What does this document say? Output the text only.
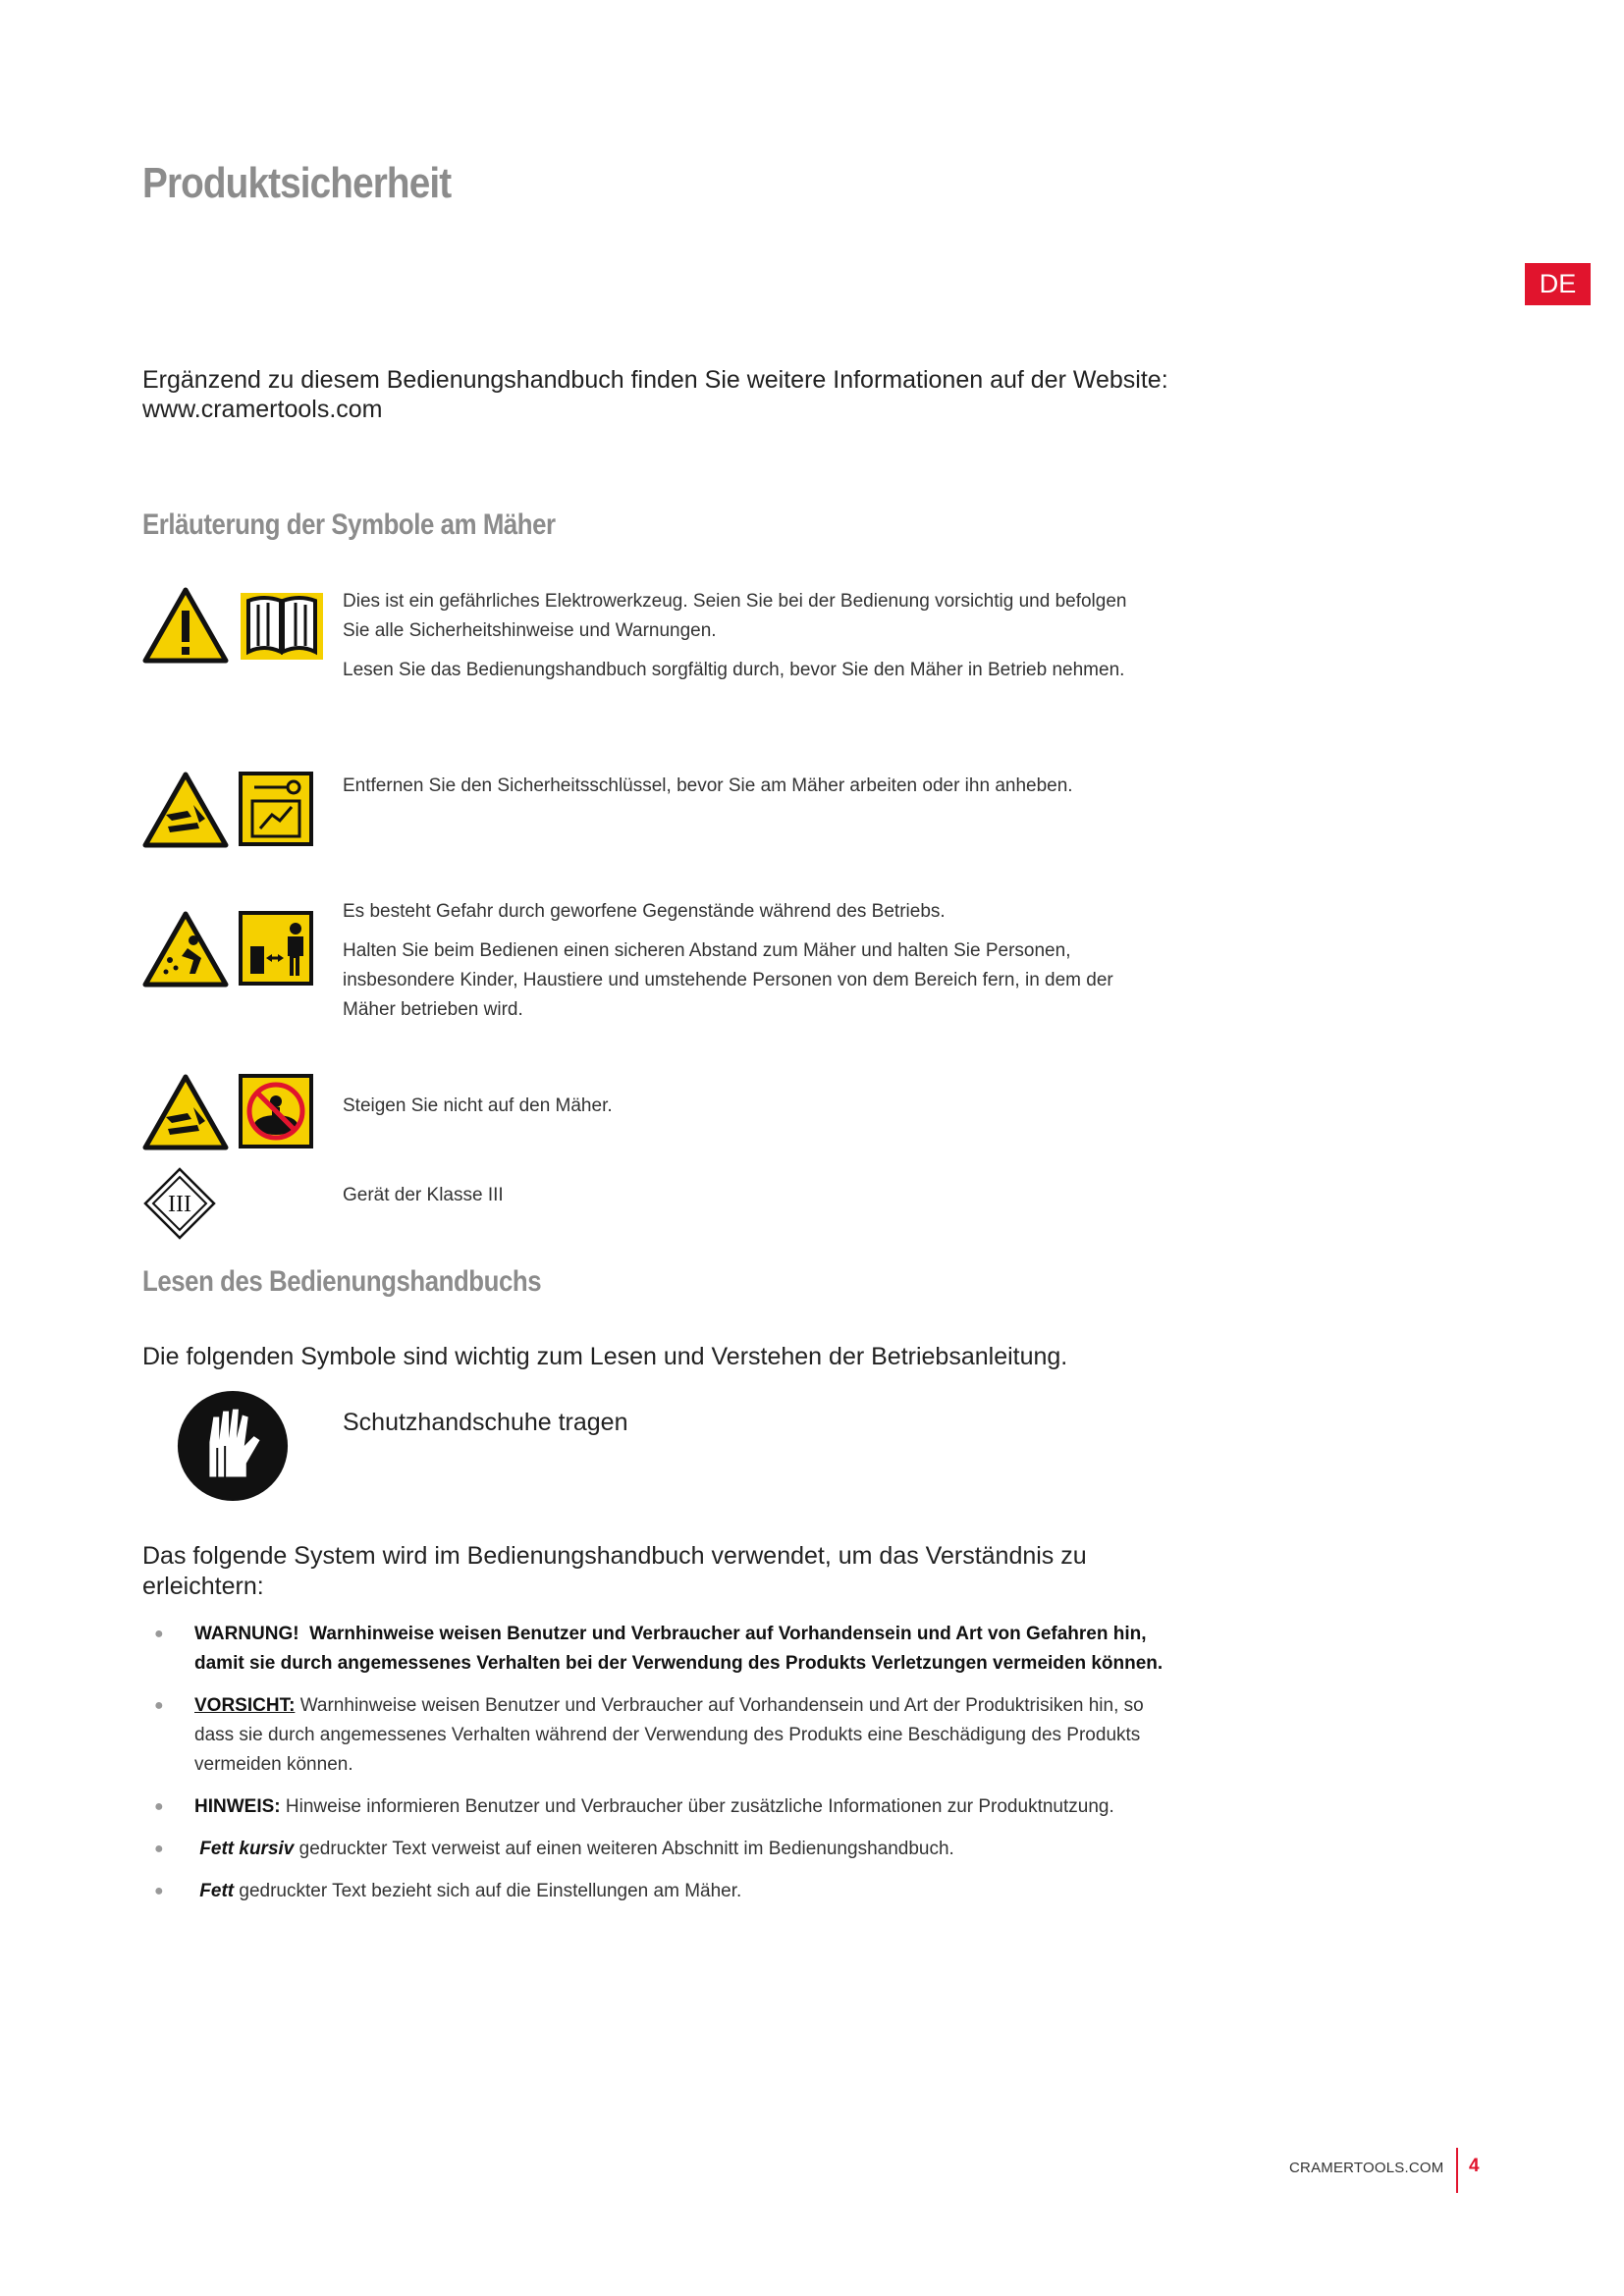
Produktsicherheit
DE
Ergänzend zu diesem Bedienungshandbuch finden Sie weitere Informationen auf der Website: www.cramertools.com
Erläuterung der Symbole am Mäher

Dies ist ein gefährliches Elektrowerkzeug. Seien Sie bei der Bedienung vorsichtig und befolgen Sie alle Sicherheitshinweise und Warnungen.

Lesen Sie das Bedienungshandbuch sorgfältig durch, bevor Sie den Mäher in Betrieb nehmen.

Entfernen Sie den Sicherheitsschlüssel, bevor Sie am Mäher arbeiten oder ihn anheben.

Es besteht Gefahr durch geworfene Gegenstände während des Betriebs.

Halten Sie beim Bedienen einen sicheren Abstand zum Mäher und halten Sie Personen, insbesondere Kinder, Haustiere und umstehende Personen von dem Bereich fern, in dem der Mäher betrieben wird.

Steigen Sie nicht auf den Mäher.

III	Gerät der Klasse III

Lesen des Bedienungshandbuchs
Die folgenden Symbole sind wichtig zum Lesen und Verstehen der Betriebsanleitung.
Schutzhandschuhe tragen
Das folgende System wird im Bedienungshandbuch verwendet, um das Verständnis zu erleichtern:
● WARNUNG! Warnhinweise weisen Benutzer und Verbraucher auf Vorhandensein und Art von Gefahren hin, damit sie durch angemessenes Verhalten bei der Verwendung des Produkts Verletzungen vermeiden können.
● VORSICHT: Warnhinweise weisen Benutzer und Verbraucher auf Vorhandensein und Art der Produktrisiken hin, so dass sie durch angemessenes Verhalten während der Verwendung des Produkts eine Beschädigung des Produkts vermeiden können.
● HINWEIS: Hinweise informieren Benutzer und Verbraucher über zusätzliche Informationen zur Produktnutzung.
● Fett kursiv gedruckter Text verweist auf einen weiteren Abschnitt im Bedienungshandbuch.
● Fett gedruckter Text bezieht sich auf die Einstellungen am Mäher.
CRAMERTOOLS.COM 4
